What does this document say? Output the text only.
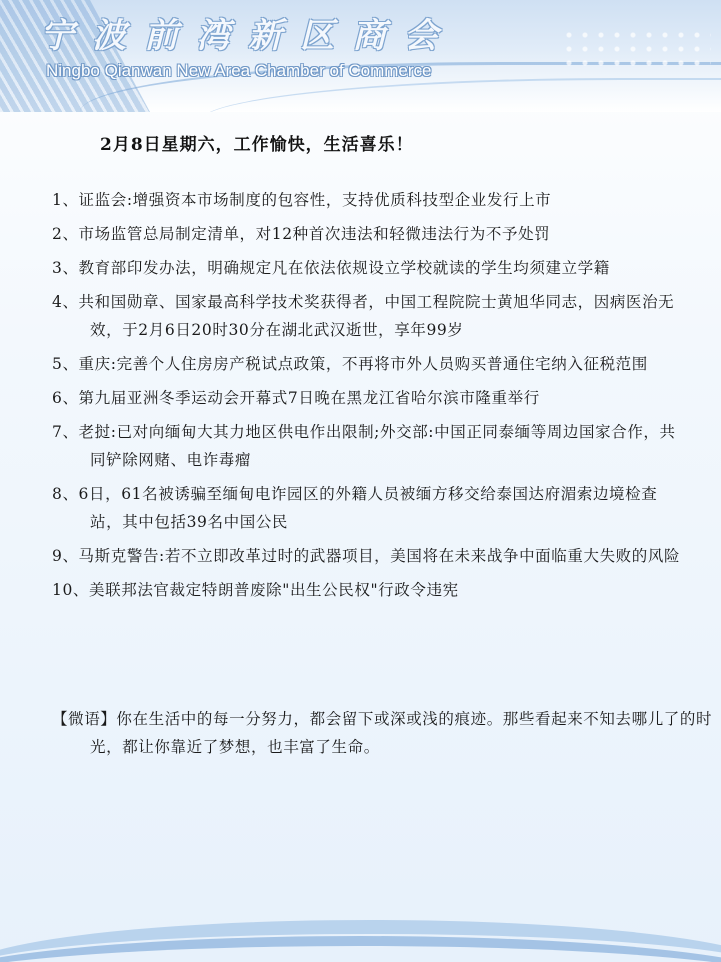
宁波前湾新区商会
Ningbo Qianwan New Area Chamber of Commerce
2月8日星期六，工作愉快，生活喜乐！
1、证监会:增强资本市场制度的包容性，支持优质科技型企业发行上市
2、市场监管总局制定清单，对12种首次违法和轻微违法行为不予处罚
3、教育部印发办法，明确规定凡在依法依规设立学校就读的学生均须建立学籍
4、共和国勋章、国家最高科学技术奖获得者，中国工程院院士黄旭华同志，因病医治无效，于2月6日20时30分在湖北武汉逝世，享年99岁
5、重庆:完善个人住房房产税试点政策，不再将市外人员购买普通住宅纳入征税范围
6、第九届亚洲冬季运动会开幕式7日晚在黑龙江省哈尔滨市隆重举行
7、老挝:已对向缅甸大其力地区供电作出限制;外交部:中国正同泰缅等周边国家合作，共同铲除网赌、电诈毒瘤
8、6日，61名被诱骗至缅甸电诈园区的外籍人员被缅方移交给泰国达府湄索边境检查站，其中包括39名中国公民
9、马斯克警告:若不立即改革过时的武器项目，美国将在未来战争中面临重大失败的风险
10、美联邦法官裁定特朗普废除"出生公民权"行政令违宪
【微语】你在生活中的每一分努力，都会留下或深或浅的痕迹。那些看起来不知去哪儿了的时光，都让你靠近了梦想，也丰富了生命。
